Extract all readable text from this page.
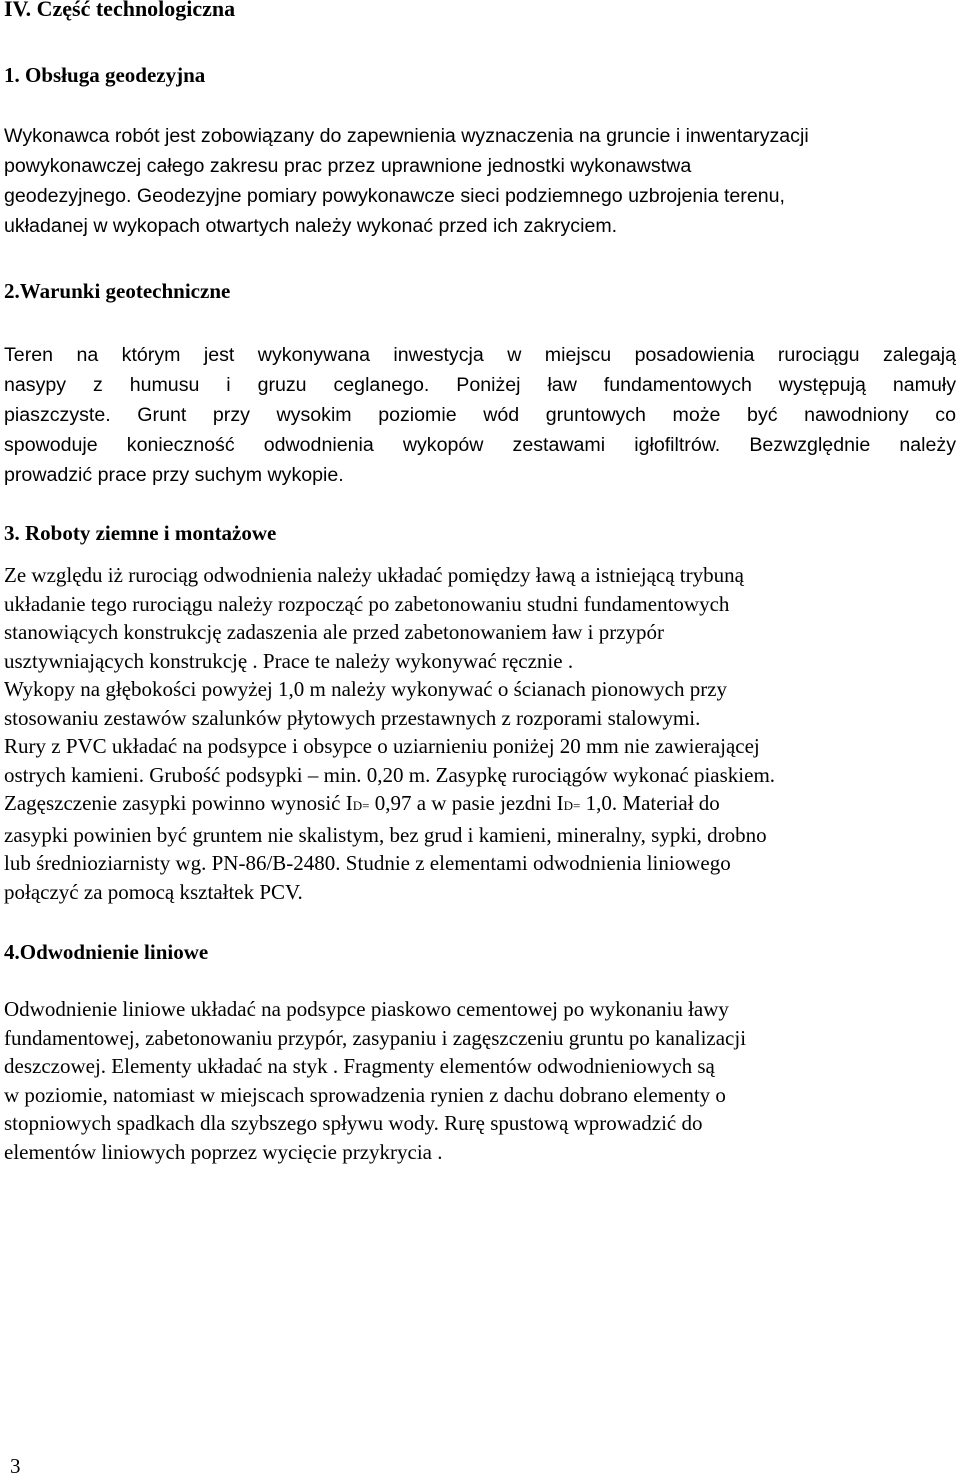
IV. Część technologiczna
1. Obsługa geodezyjna
Wykonawca robót jest zobowiązany do zapewnienia wyznaczenia na gruncie i inwentaryzacji
powykonawczej całego zakresu prac przez uprawnione jednostki wykonawstwa
geodezyjnego. Geodezyjne pomiary powykonawcze sieci podziemnego uzbrojenia terenu,
układanej w wykopach otwartych należy wykonać przed ich zakryciem.
2.Warunki geotechniczne
Teren na którym jest wykonywana inwestycja w miejscu posadowienia rurociągu zalegają
nasypy z humusu i gruzu ceglanego. Poniżej ław fundamentowych występują namuły
piaszczyste. Grunt przy wysokim poziomie wód gruntowych może być nawodniony co
spowoduje konieczność odwodnienia wykopów zestawami igłofiltrów. Bezwzględnie należy
prowadzić prace przy suchym wykopie.
3. Roboty ziemne i montażowe
Ze względu iż rurociąg odwodnienia należy układać pomiędzy ławą a istniejącą trybuną
układanie tego rurociągu należy rozpocząć po zabetonowaniu studni fundamentowych
stanowiących konstrukcję zadaszenia ale przed zabetonowaniem ław i przypór
usztywniających konstrukcję . Prace te należy wykonywać ręcznie .
Wykopy na głębokości powyżej 1,0 m należy wykonywać o ścianach pionowych przy
stosowaniu zestawów szalunków płytowych przestawnych z rozporami stalowymi.
Rury z PVC układać na podsypce i obsypce o uziarnieniu poniżej 20 mm nie zawierającej
ostrych kamieni. Grubość podsypki – min. 0,20 m. Zasypkę rurociągów wykonać piaskiem.
Zagęszczenie zasypki powinno wynosić ID= 0,97 a w pasie jezdni ID= 1,0. Materiał do
zasypki powinien być gruntem nie skalistym, bez grud i kamieni, mineralny, sypki, drobno
lub średnioziarnisty wg. PN-86/B-2480. Studnie z elementami odwodnienia liniowego
połączyć za pomocą kształtek PCV.
4.Odwodnienie liniowe
Odwodnienie liniowe układać na podsypce piaskowo cementowej po wykonaniu ławy
fundamentowej, zabetonowaniu przypór, zasypaniu i zagęszczeniu gruntu po kanalizacji
deszczowej. Elementy układać na styk . Fragmenty elementów odwodnieniowych są
w poziomie, natomiast w miejscach sprowadzenia rynien z dachu dobrano elementy o
stopniowych spadkach dla szybszego spływu wody. Rurę spustową wprowadzić do
elementów liniowych poprzez wycięcie przykrycia .

3
